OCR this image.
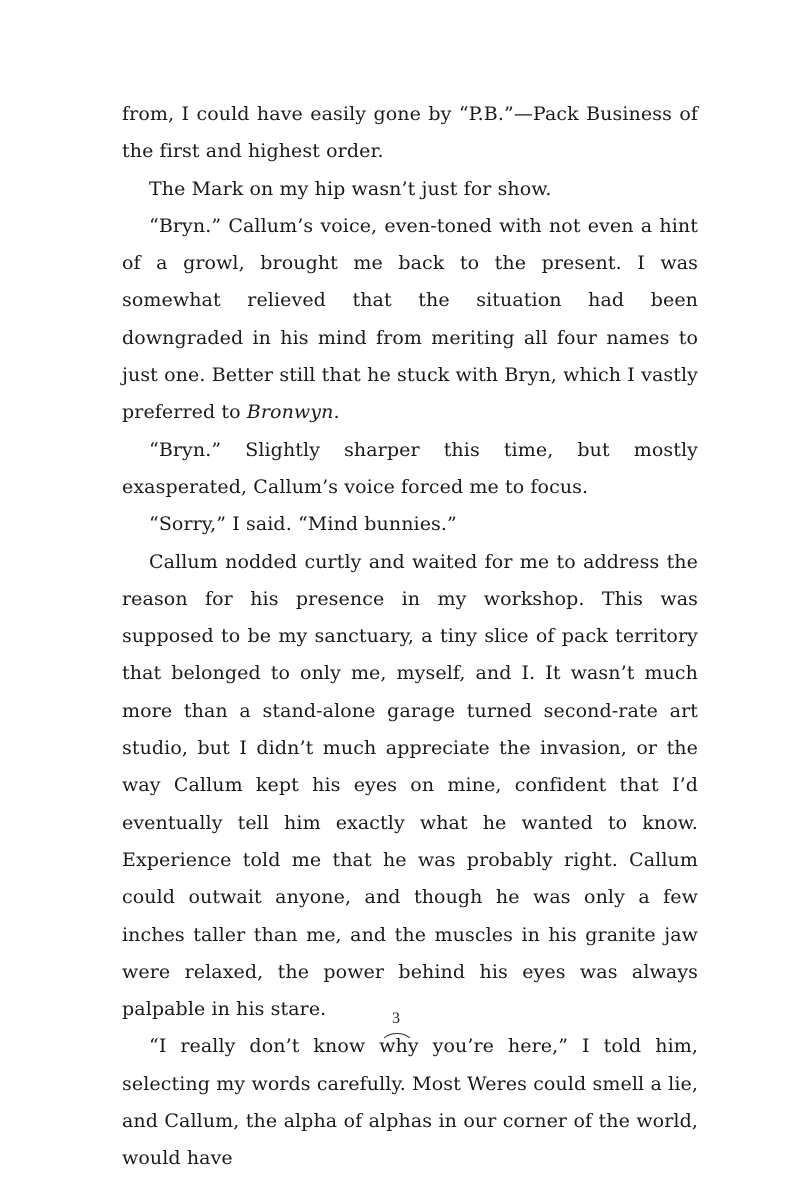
from, I could have easily gone by “P.B.”—Pack Business of the first and highest order.

The Mark on my hip wasn’t just for show.

“Bryn.” Callum’s voice, even-toned with not even a hint of a growl, brought me back to the present. I was somewhat relieved that the situation had been downgraded in his mind from meriting all four names to just one. Better still that he stuck with Bryn, which I vastly preferred to Bronwyn.

“Bryn.” Slightly sharper this time, but mostly exasperated, Callum’s voice forced me to focus.

“Sorry,” I said. “Mind bunnies.”

Callum nodded curtly and waited for me to address the reason for his presence in my workshop. This was supposed to be my sanctuary, a tiny slice of pack territory that belonged to only me, myself, and I. It wasn’t much more than a stand-alone garage turned second-rate art studio, but I didn’t much appreciate the invasion, or the way Callum kept his eyes on mine, confident that I’d eventually tell him exactly what he wanted to know. Experience told me that he was probably right. Callum could outwait anyone, and though he was only a few inches taller than me, and the muscles in his granite jaw were relaxed, the power behind his eyes was always palpable in his stare.

“I really don’t know why you’re here,” I told him, selecting my words carefully. Most Weres could smell a lie, and Callum, the alpha of alphas in our corner of the world, would have

3
